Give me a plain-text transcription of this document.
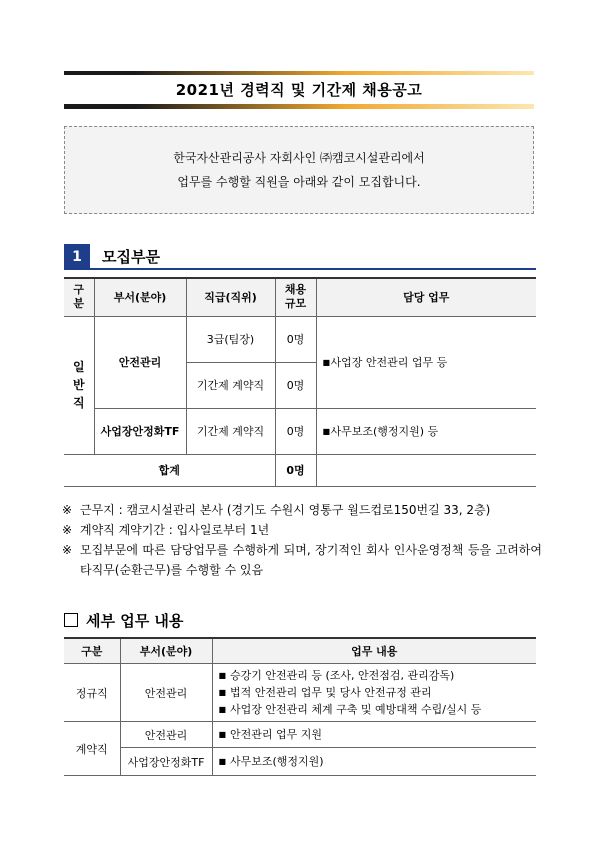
2021년 경력직 및 기간제 채용공고
한국자산관리공사 자회사인 ㈜캠코시설관리에서
업무를 수행할 직원을 아래와 같이 모집합니다.
1	모집부문
구
분	부서(분야)	직급(직위)	채용
규모	담당 업무
일
반
직	안전관리	3급(팀장)	0명	■사업장 안전관리 업무 등
		기간제 계약직	0명	
	사업장안정화TF	기간제 계약직	0명	■사무보조(행정지원) 등
합계			0명	
※ 근무지 : 캠코시설관리 본사 (경기도 수원시 영통구 월드컵로150번길 33, 2층)
※ 계약직 계약기간 : 입사일로부터 1년
※ 모집부문에 따른 담당업무를 수행하게 되며, 장기적인 회사 인사운영정책 등을 고려하여 타직무(순환근무)를 수행할 수 있음
세부 업무 내용
구분	부서(분야)	업무 내용
정규직	안전관리	■ 승강기 안전관리 등 (조사, 안전점검, 관리감독)
■ 법적 안전관리 업무 및 당사 안전규정 관리
■ 사업장 안전관리 체계 구축 및 예방대책 수립/실시 등

계약직	안전관리	■ 안전관리 업무 지원

	사업장안정화TF	■ 사무보조(행정지원)
